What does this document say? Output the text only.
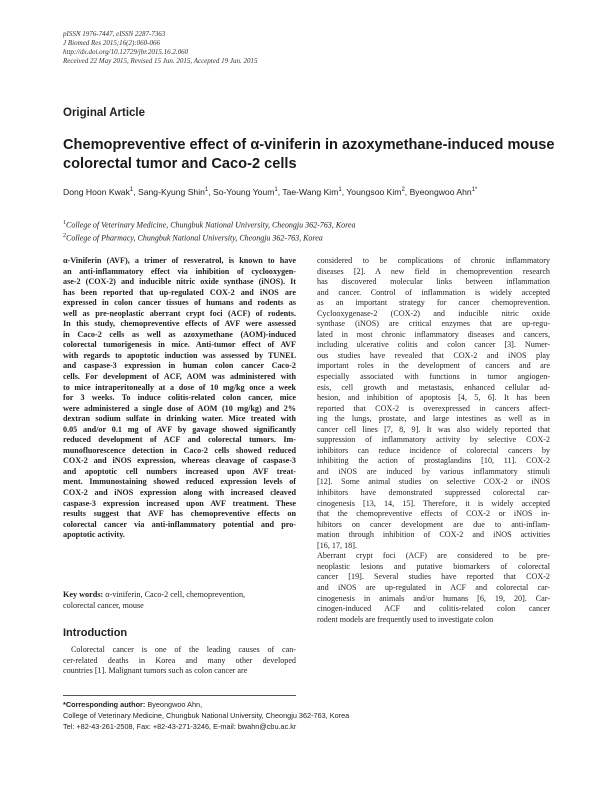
pISSN 1976-7447, eISSN 2287-7363
J Biomed Res 2015;16(2):060-066
http://dx.doi.org/10.12729/jbr.2015.16.2.060
Received 22 May 2015, Revised 15 Jun. 2015, Accepted 19 Jun. 2015
Original Article
Chemopreventive effect of α-viniferin in azoxymethane-induced mouse
colorectal tumor and Caco-2 cells
Dong Hoon Kwak$^1$, Sang-Kyung Shin$^1$, So-Young Youm$^1$, Tae-Wang Kim$^1$, Youngsoo Kim$^2$, Byeongwoo Ahn$^{1*}$
$^1$College of Veterinary Medicine, Chungbuk National University, Cheongju 362-763, Korea
$^2$College of Pharmacy, Chungbuk National University, Cheongju 362-763, Korea
α-Viniferin (AVF), a trimer of resveratrol, is known to have
an anti-inflammatory effect via inhibition of cyclooxygen-
ase-2 (COX-2) and inducible nitric oxide synthase (iNOS). It
has been reported that up-regulated COX-2 and iNOS are
expressed in colon cancer tissues of humans and rodents as
well as pre-neoplastic aberrant crypt foci (ACF) of rodents.
In this study, chemopreventive effects of AVF were assessed
in Caco-2 cells as well as azoxymethane (AOM)-induced
colorectal tumorigenesis in mice. Anti-tumor effect of AVF
with regards to apoptotic induction was assessed by TUNEL
and caspase-3 expression in human colon cancer Caco-2
cells. For development of ACF, AOM was administered with
to mice intraperitoneally at a dose of 10 mg/kg once a week
for 3 weeks. To induce colitis-related colon cancer, mice
were administered a single dose of AOM (10 mg/kg) and 2%
dextran sodium sulfate in drinking water. Mice treated with
0.05 and/or 0.1 mg of AVF by gavage showed significantly
reduced development of ACF and colorectal tumors. Im-
munofluorescence detection in Caco-2 cells showed reduced
COX-2 and iNOS expression, whereas cleavage of caspase-3
and apoptotic cell numbers increased upon AVF treat-
ment. Immunostaining showed reduced expression levels of
COX-2 and iNOS expression along with increased cleaved
caspase-3 expression increased upon AVF treatment. These
results suggest that AVF has chemopreventive effects on
colorectal cancer via anti-inflammatory potential and pro-
apoptotic activity.
Key words: α-viniferin, Caco-2 cell, chemoprevention,
colorectal cancer, mouse
Introduction
Colorectal cancer is one of the leading causes of can-
cer-related deaths in Korea and many other developed
countries [1]. Malignant tumors such as colon cancer are
considered to be complications of chronic inflammatory
diseases [2]. A new field in chemoprevention research
has discovered molecular links between inflammation
and cancer. Control of inflammation is widely accepted
as an important strategy for cancer chemoprevention.
Cyclooxygenase-2 (COX-2) and inducible nitric oxide
synthase (iNOS) are critical enzymes that are up-regu-
lated in most chronic inflammatory diseases and cancers,
including ulcerative colitis and colon cancer [3]. Numer-
ous studies have revealed that COX-2 and iNOS play
important roles in the development of cancers and are
especially associated with functions in tumor angiogen-
esis, cell growth and metastasis, enhanced cellular ad-
hesion, and inhibition of apoptosis [4, 5, 6]. It has been
reported that COX-2 is overexpressed in cancers affect-
ing the lungs, prostate, and large intestines as well as in
cancer cell lines [7, 8, 9]. It was also widely reported that
suppression of inflammatory activity by selective COX-2
inhibitors can reduce incidence of colorectal cancers by
inhibiting the action of prostaglandins [10, 11]. COX-2
and iNOS are induced by various inflammatory stimuli
[12]. Some animal studies on selective COX-2 or iNOS
inhibitors have demonstrated suppressed colorectal car-
cinogenesis [13, 14, 15]. Therefore, it is widely accepted
that the chemopreventive effects of COX-2 or iNOS in-
hibitors on cancer development are due to anti-inflam-
mation through inhibition of COX-2 and iNOS activities
[16, 17, 18].
Aberrant crypt foci (ACF) are considered to be pre-
neoplastic lesions and putative biomarkers of colorectal
cancer [19]. Several studies have reported that COX-2
and iNOS are up-regulated in ACF and colorectal car-
cinogenesis in animals and/or humans [6, 19, 20]. Car-
cinogen-induced ACF and colitis-related colon cancer
rodent models are frequently used to investigate colon
*Corresponding author: Byeongwoo Ahn,
College of Veterinary Medicine, Chungbuk National University, Cheongju 362-763, Korea
Tel: +82-43-261-2508, Fax: +82-43-271-3246, E-mail: bwahn@cbu.ac.kr
